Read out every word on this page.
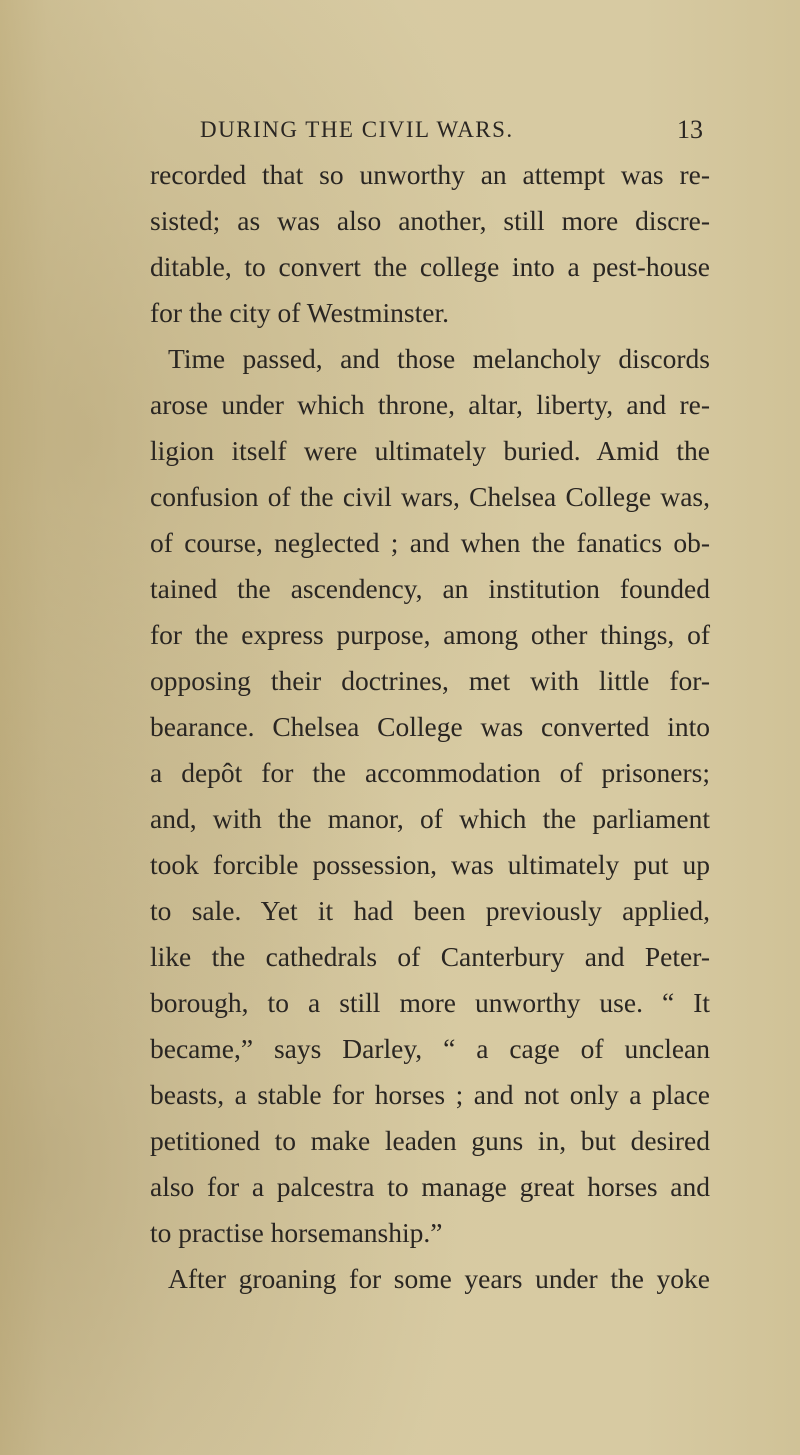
DURING THE CIVIL WARS.	13
recorded that so unworthy an attempt was re-
sisted; as was also another, still more discre-
ditable, to convert the college into a pest-house
for the city of Westminster.
Time passed, and those melancholy discords
arose under which throne, altar, liberty, and re-
ligion itself were ultimately buried. Amid the
confusion of the civil wars, Chelsea College was,
of course, neglected ; and when the fanatics ob-
tained the ascendency, an institution founded
for the express purpose, among other things, of
opposing their doctrines, met with little for-
bearance. Chelsea College was converted into
a depôt for the accommodation of prisoners;
and, with the manor, of which the parliament
took forcible possession, was ultimately put up
to sale. Yet it had been previously applied,
like the cathedrals of Canterbury and Peter-
borough, to a still more unworthy use. “ It
became,” says Darley, “ a cage of unclean
beasts, a stable for horses ; and not only a place
petitioned to make leaden guns in, but desired
also for a palcestra to manage great horses and
to practise horsemanship.”
After groaning for some years under the yoke
